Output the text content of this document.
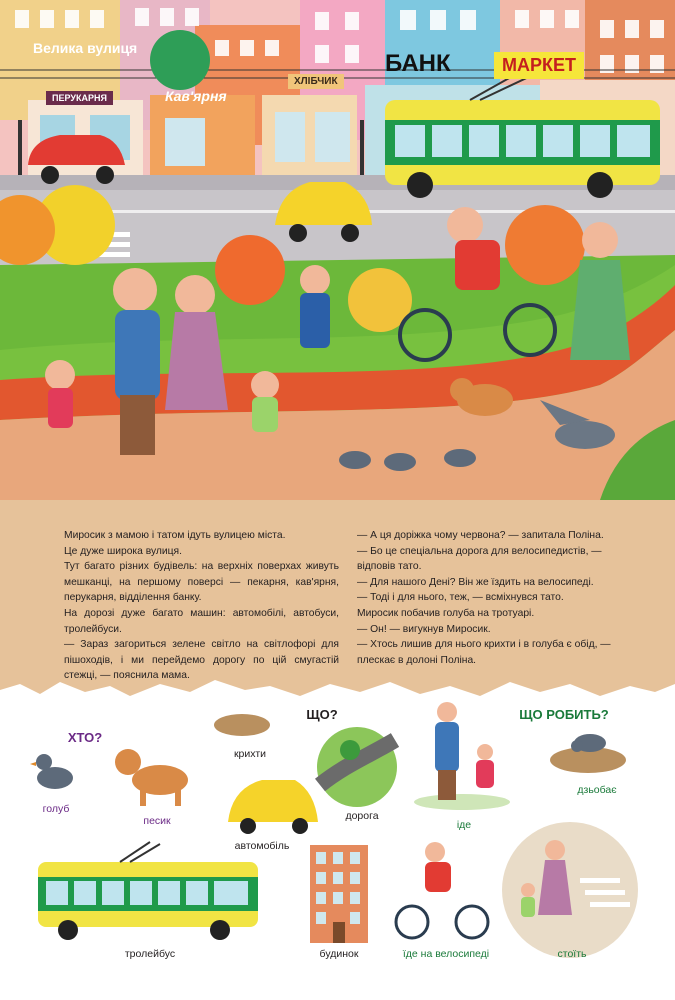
Велика вулиця
ПЕРУКАРНЯ	Кав'ярня
ХЛІБЧИК
БАНК	МАРКЕТ

Миросик з мамою і татом ідуть вулицею міста.

Це дуже широка вулиця.

Тут багато різних будівель: на верхніх поверхах живуть мешканці, на першому поверсі — пекарня, кав'ярня, перукарня, відділення банку.

На дорозі дуже багато машин: автомобілі, автобуси, тролейбуси.

— Зараз загориться зелене світло на світлофорі для пішоходів, і ми перейдемо дорогу по цій смугастій стежці, — пояснила мама.

— А ця доріжка чому червона? — запитала Поліна.

— Бо це спеціальна дорога для велосипедистів, — відповів тато.

— Для нашого Дені? Він же їздить на велосипеді.

— Тоді і для нього, теж, — всміхнувся тато.

Миросик побачив голуба на тротуарі.

— Он! — вигукнув Миросик.

— Хтось лишив для нього крихти і в голуба є обід, — плескає в долоні Поліна.

ХТО?
ЩО?	ЩО РОБИТЬ?
голуб
песик
крихти
автомобіль
дорога
іде
дзьобає
тролейбус	будинок	їде на велосипеді	стоїть
